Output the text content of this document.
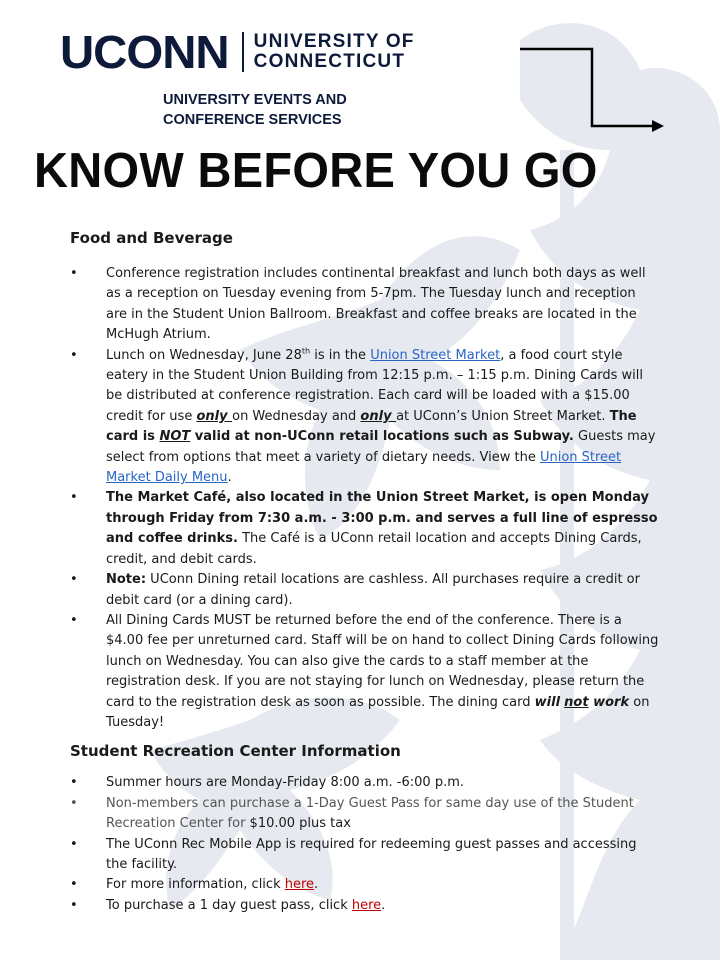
UCONN UNIVERSITY OF
CONNECTICUT
UNIVERSITY EVENTS AND
CONFERENCE SERVICES
KNOW BEFORE YOU GO
Food and Beverage
• Conference registration includes continental breakfast and lunch both days as well as a reception on Tuesday evening from 5-7pm. The Tuesday lunch and reception are in the Student Union Ballroom. Breakfast and coffee breaks are located in the McHugh Atrium.
• Lunch on Wednesday, June 28th is in the Union Street Market, a food court style eatery in the Student Union Building from 12:15 p.m. – 1:15 p.m. Dining Cards will be distributed at conference registration. Each card will be loaded with a $15.00 credit for use only on Wednesday and only at UConn’s Union Street Market. The card is NOT valid at non-UConn retail locations such as Subway. Guests may select from options that meet a variety of dietary needs. View the Union Street Market Daily Menu.
• The Market Café, also located in the Union Street Market, is open Monday through Friday from 7:30 a.m. - 3:00 p.m. and serves a full line of espresso and coffee drinks. The Café is a UConn retail location and accepts Dining Cards, credit, and debit cards.
• Note: UConn Dining retail locations are cashless. All purchases require a credit or debit card (or a dining card).
• All Dining Cards MUST be returned before the end of the conference. There is a $4.00 fee per unreturned card. Staff will be on hand to collect Dining Cards following lunch on Wednesday. You can also give the cards to a staff member at the registration desk. If you are not staying for lunch on Wednesday, please return the card to the registration desk as soon as possible. The dining card will not work on Tuesday!
Student Recreation Center Information
• Summer hours are Monday-Friday 8:00 a.m. -6:00 p.m.
• Non-members can purchase a 1-Day Guest Pass for same day use of the Student Recreation Center for $10.00 plus tax
• The UConn Rec Mobile App is required for redeeming guest passes and accessing the facility.
• For more information, click here.
• To purchase a 1 day guest pass, click here.
